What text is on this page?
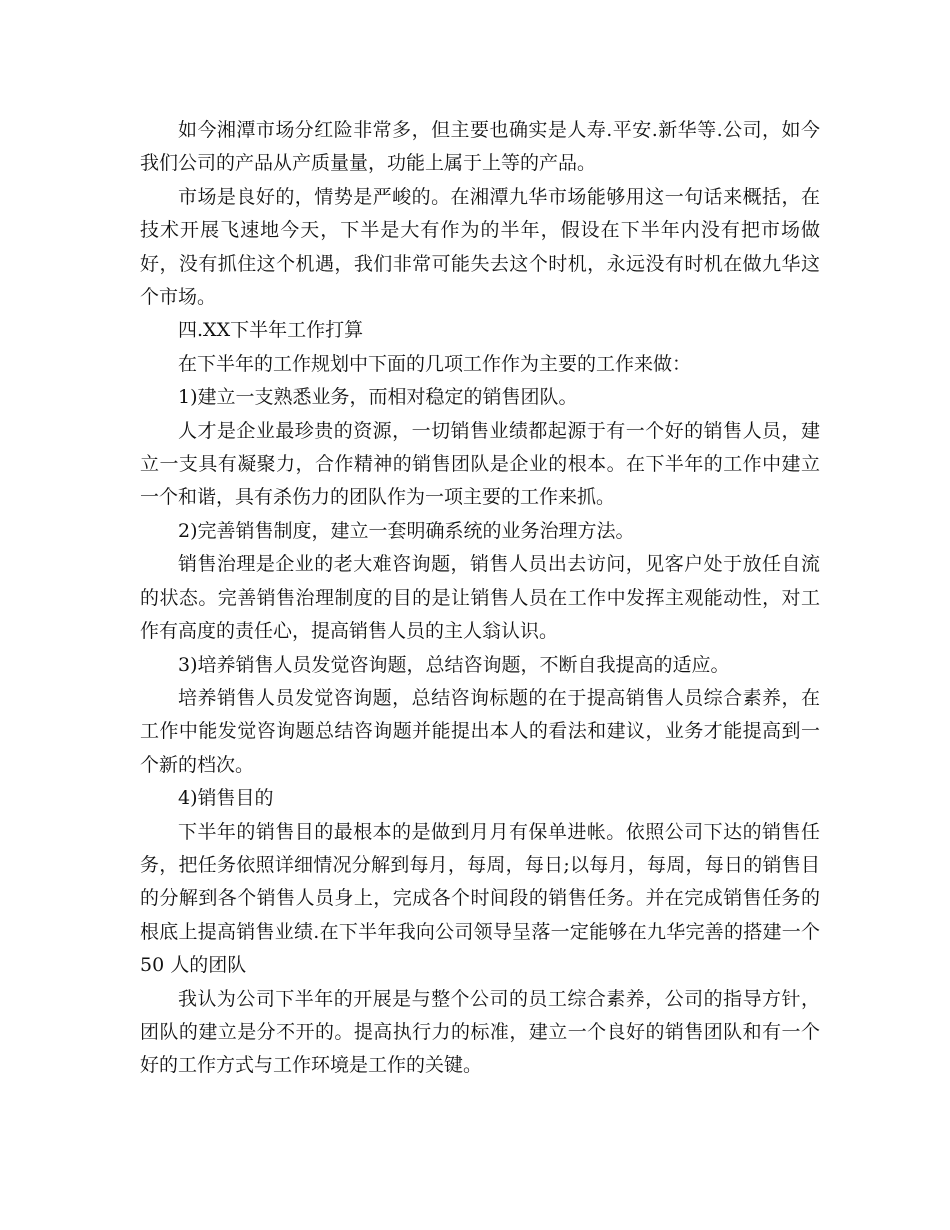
如今湘潭市场分红险非常多，但主要也确实是人寿.平安.新华等.公司，如今我们公司的产品从产质量量，功能上属于上等的产品。

市场是良好的，情势是严峻的。在湘潭九华市场能够用这一句话来概括，在技术开展飞速地今天，下半是大有作为的半年，假设在下半年内没有把市场做好，没有抓住这个机遇，我们非常可能失去这个时机，永远没有时机在做九华这个市场。

四.XX下半年工作打算

在下半年的工作规划中下面的几项工作作为主要的工作来做：

1)建立一支熟悉业务，而相对稳定的销售团队。

人才是企业最珍贵的资源，一切销售业绩都起源于有一个好的销售人员，建立一支具有凝聚力，合作精神的销售团队是企业的根本。在下半年的工作中建立一个和谐，具有杀伤力的团队作为一项主要的工作来抓。

2)完善销售制度，建立一套明确系统的业务治理方法。

销售治理是企业的老大难咨询题，销售人员出去访问，见客户处于放任自流的状态。完善销售治理制度的目的是让销售人员在工作中发挥主观能动性，对工作有高度的责任心，提高销售人员的主人翁认识。

3)培养销售人员发觉咨询题，总结咨询题，不断自我提高的适应。

培养销售人员发觉咨询题，总结咨询标题的在于提高销售人员综合素养，在工作中能发觉咨询题总结咨询题并能提出本人的看法和建议，业务才能提高到一个新的档次。

4)销售目的

下半年的销售目的最根本的是做到月月有保单进帐。依照公司下达的销售任务，把任务依照详细情况分解到每月，每周，每日;以每月，每周，每日的销售目的分解到各个销售人员身上，完成各个时间段的销售任务。并在完成销售任务的根底上提高销售业绩.在下半年我向公司领导呈落一定能够在九华完善的搭建一个 50 人的团队

我认为公司下半年的开展是与整个公司的员工综合素养，公司的指导方针，团队的建立是分不开的。提高执行力的标准，建立一个良好的销售团队和有一个好的工作方式与工作环境是工作的关键。
